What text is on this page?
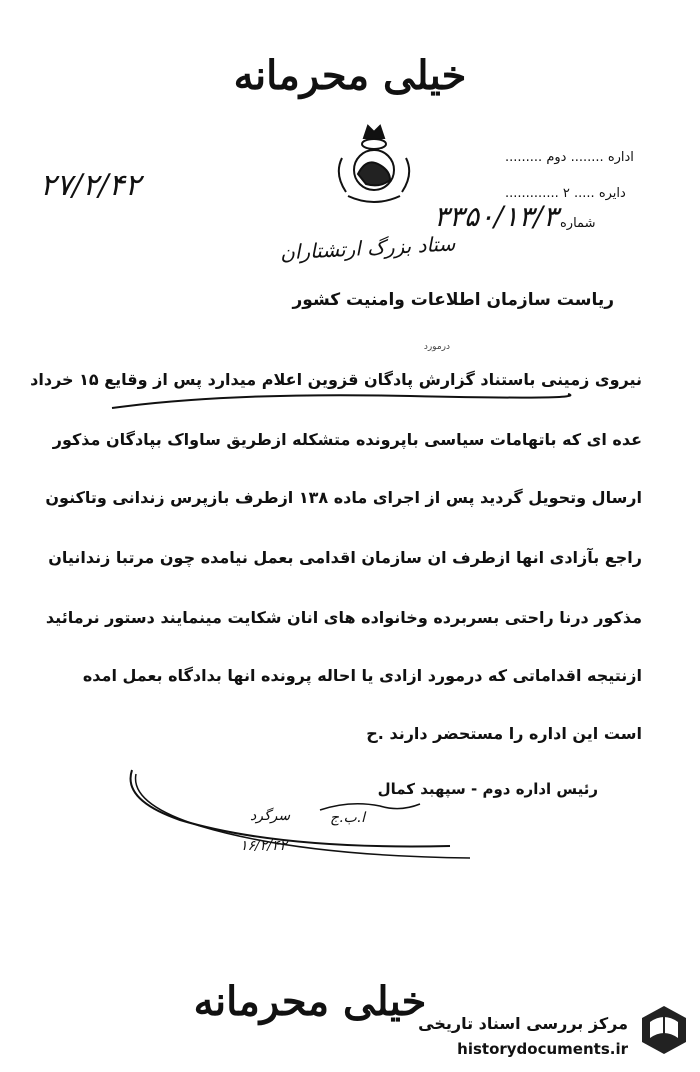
خیلی محرمانه
اداره ........ دوم .........
دایره ..... ۲ .............
شماره
۲۷/۲/۴۲
۳۳۵۰/۱۳/۳
ستاد بزرگ ارتشتاران
ریاست سازمان اطلاعات وامنیت کشور
درمورد
نیروی زمینی باستناد گزارش پادگان قزوین اعلام میدارد پس از وقایع ۱۵ خرداد
عده ای که باتهامات سیاسی باپرونده متشکله ازطریق ساواک بپادگان مذکور
ارسال وتحویل گردید پس از اجرای ماده ۱۳۸ ازطرف بازپرس زندانی وتاکنون
راجع بآزادی انها ازطرف ان سازمان اقدامی بعمل نیامده چون مرتبا زندانیان
مذکور درنا راحتی بسربرده وخانواده های انان شکایت مینمایند دستور نرمائید
ازنتیجه اقداماتی که درمورد ازادی یا احاله پرونده انها بدادگاه بعمل امده
است این اداره را مستحضر دارند .ح
رئیس اداره دوم - سپهبد کمال
ا.ب.ج
سرگرد
۱۶/۲/۴۲
خیلی محرمانه
مرکز بررسی اسناد تاریخی
historydocuments.ir
